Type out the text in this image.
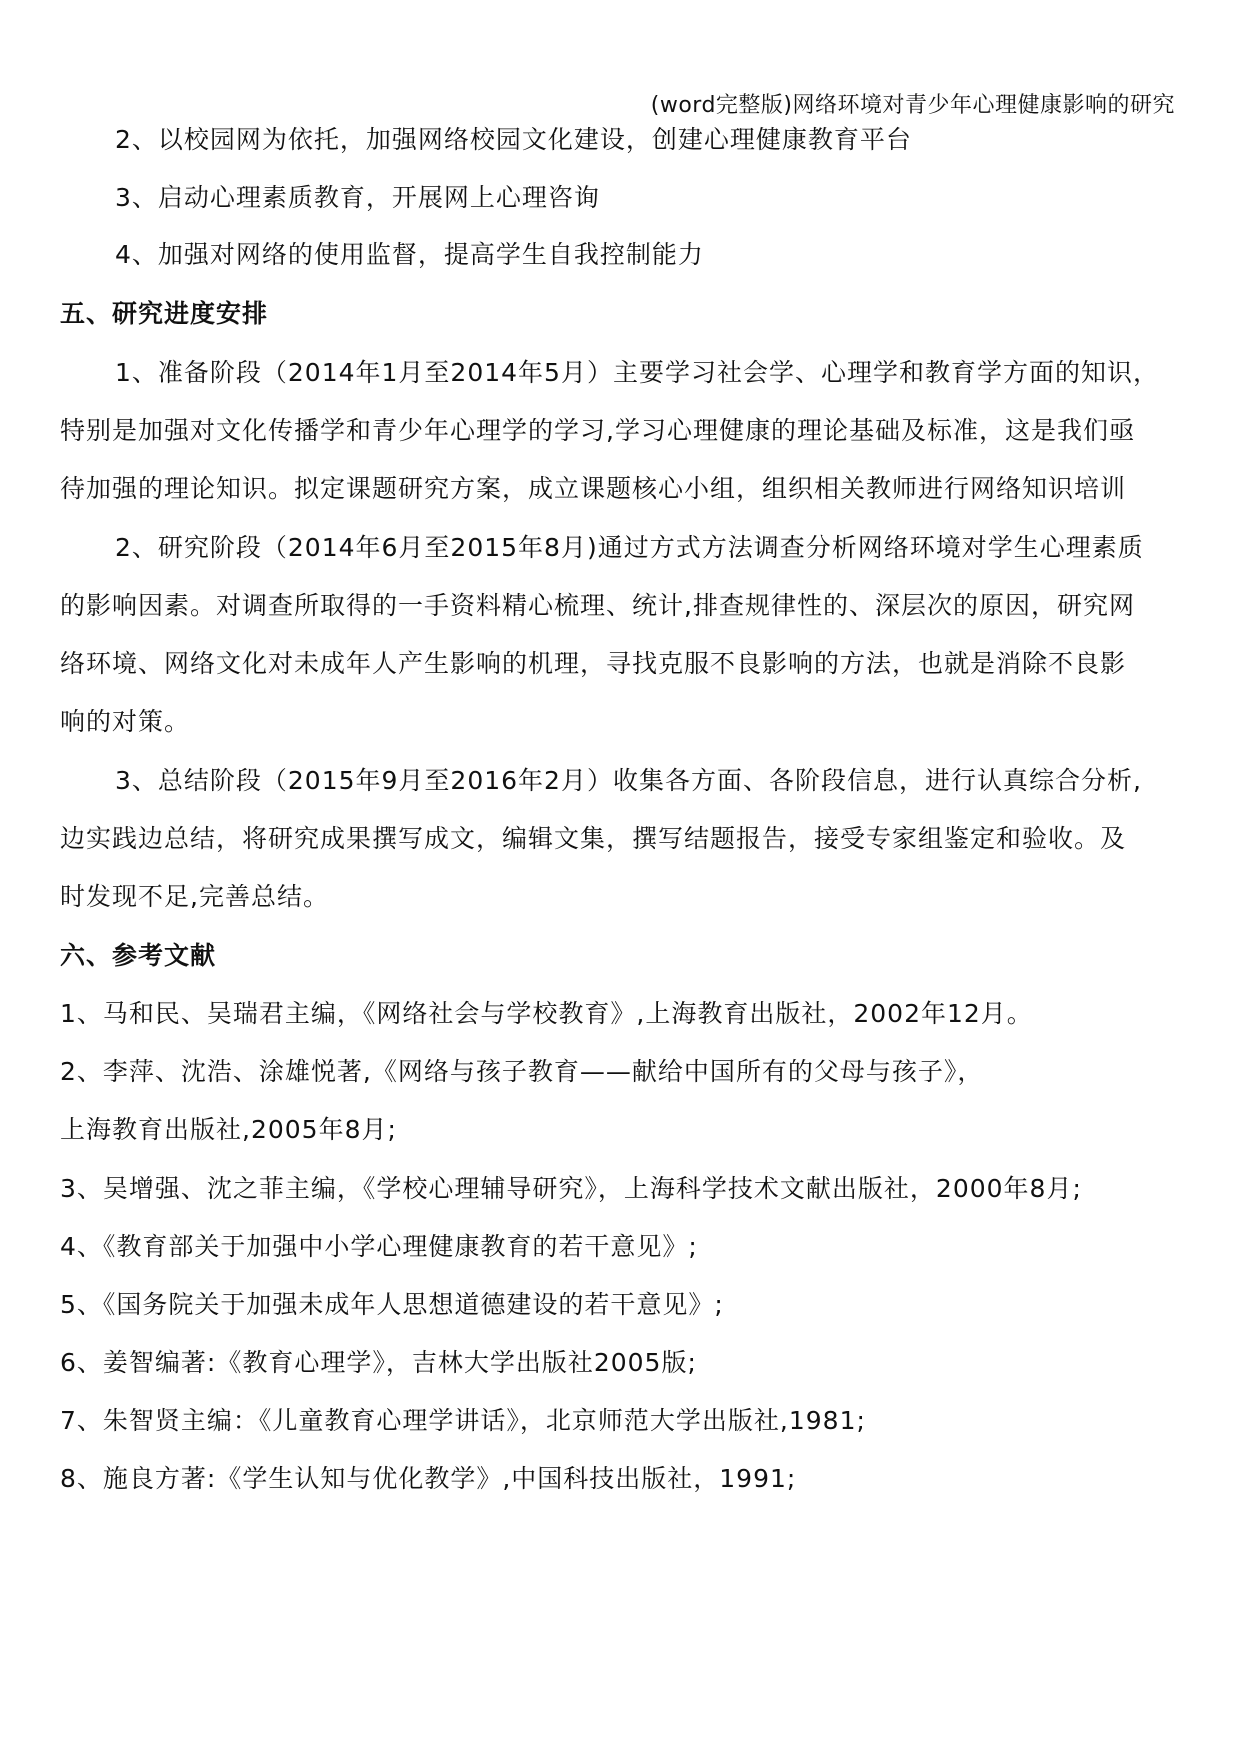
(word完整版)网络环境对青少年心理健康影响的研究
2、以校园网为依托，加强网络校园文化建设，创建心理健康教育平台
3、启动心理素质教育，开展网上心理咨询
4、加强对网络的使用监督，提高学生自我控制能力
五、研究进度安排
1、准备阶段（2014年1月至2014年5月）主要学习社会学、心理学和教育学方面的知识，
特别是加强对文化传播学和青少年心理学的学习,学习心理健康的理论基础及标准，这是我们亟
待加强的理论知识。拟定课题研究方案，成立课题核心小组，组织相关教师进行网络知识培训
2、研究阶段（2014年6月至2015年8月)通过方式方法调查分析网络环境对学生心理素质
的影响因素。对调查所取得的一手资料精心梳理、统计,排查规律性的、深层次的原因，研究网
络环境、网络文化对未成年人产生影响的机理，寻找克服不良影响的方法，也就是消除不良影
响的对策。
3、总结阶段（2015年9月至2016年2月）收集各方面、各阶段信息，进行认真综合分析,
边实践边总结，将研究成果撰写成文，编辑文集，撰写结题报告，接受专家组鉴定和验收。及
时发现不足,完善总结。
六、参考文献
1、马和民、吴瑞君主编，《网络社会与学校教育》,上海教育出版社，2002年12月。
2、李萍、沈浩、涂雄悦著,《网络与孩子教育——献给中国所有的父母与孩子》，
上海教育出版社,2005年8月;
3、吴增强、沈之菲主编，《学校心理辅导研究》，上海科学技术文献出版社，2000年8月;
4、《教育部关于加强中小学心理健康教育的若干意见》;
5、《国务院关于加强未成年人思想道德建设的若干意见》;
6、姜智编著:《教育心理学》，吉林大学出版社2005版;
7、朱智贤主编：《儿童教育心理学讲话》，北京师范大学出版社,1981;
8、施良方著:《学生认知与优化教学》,中国科技出版社，1991;
